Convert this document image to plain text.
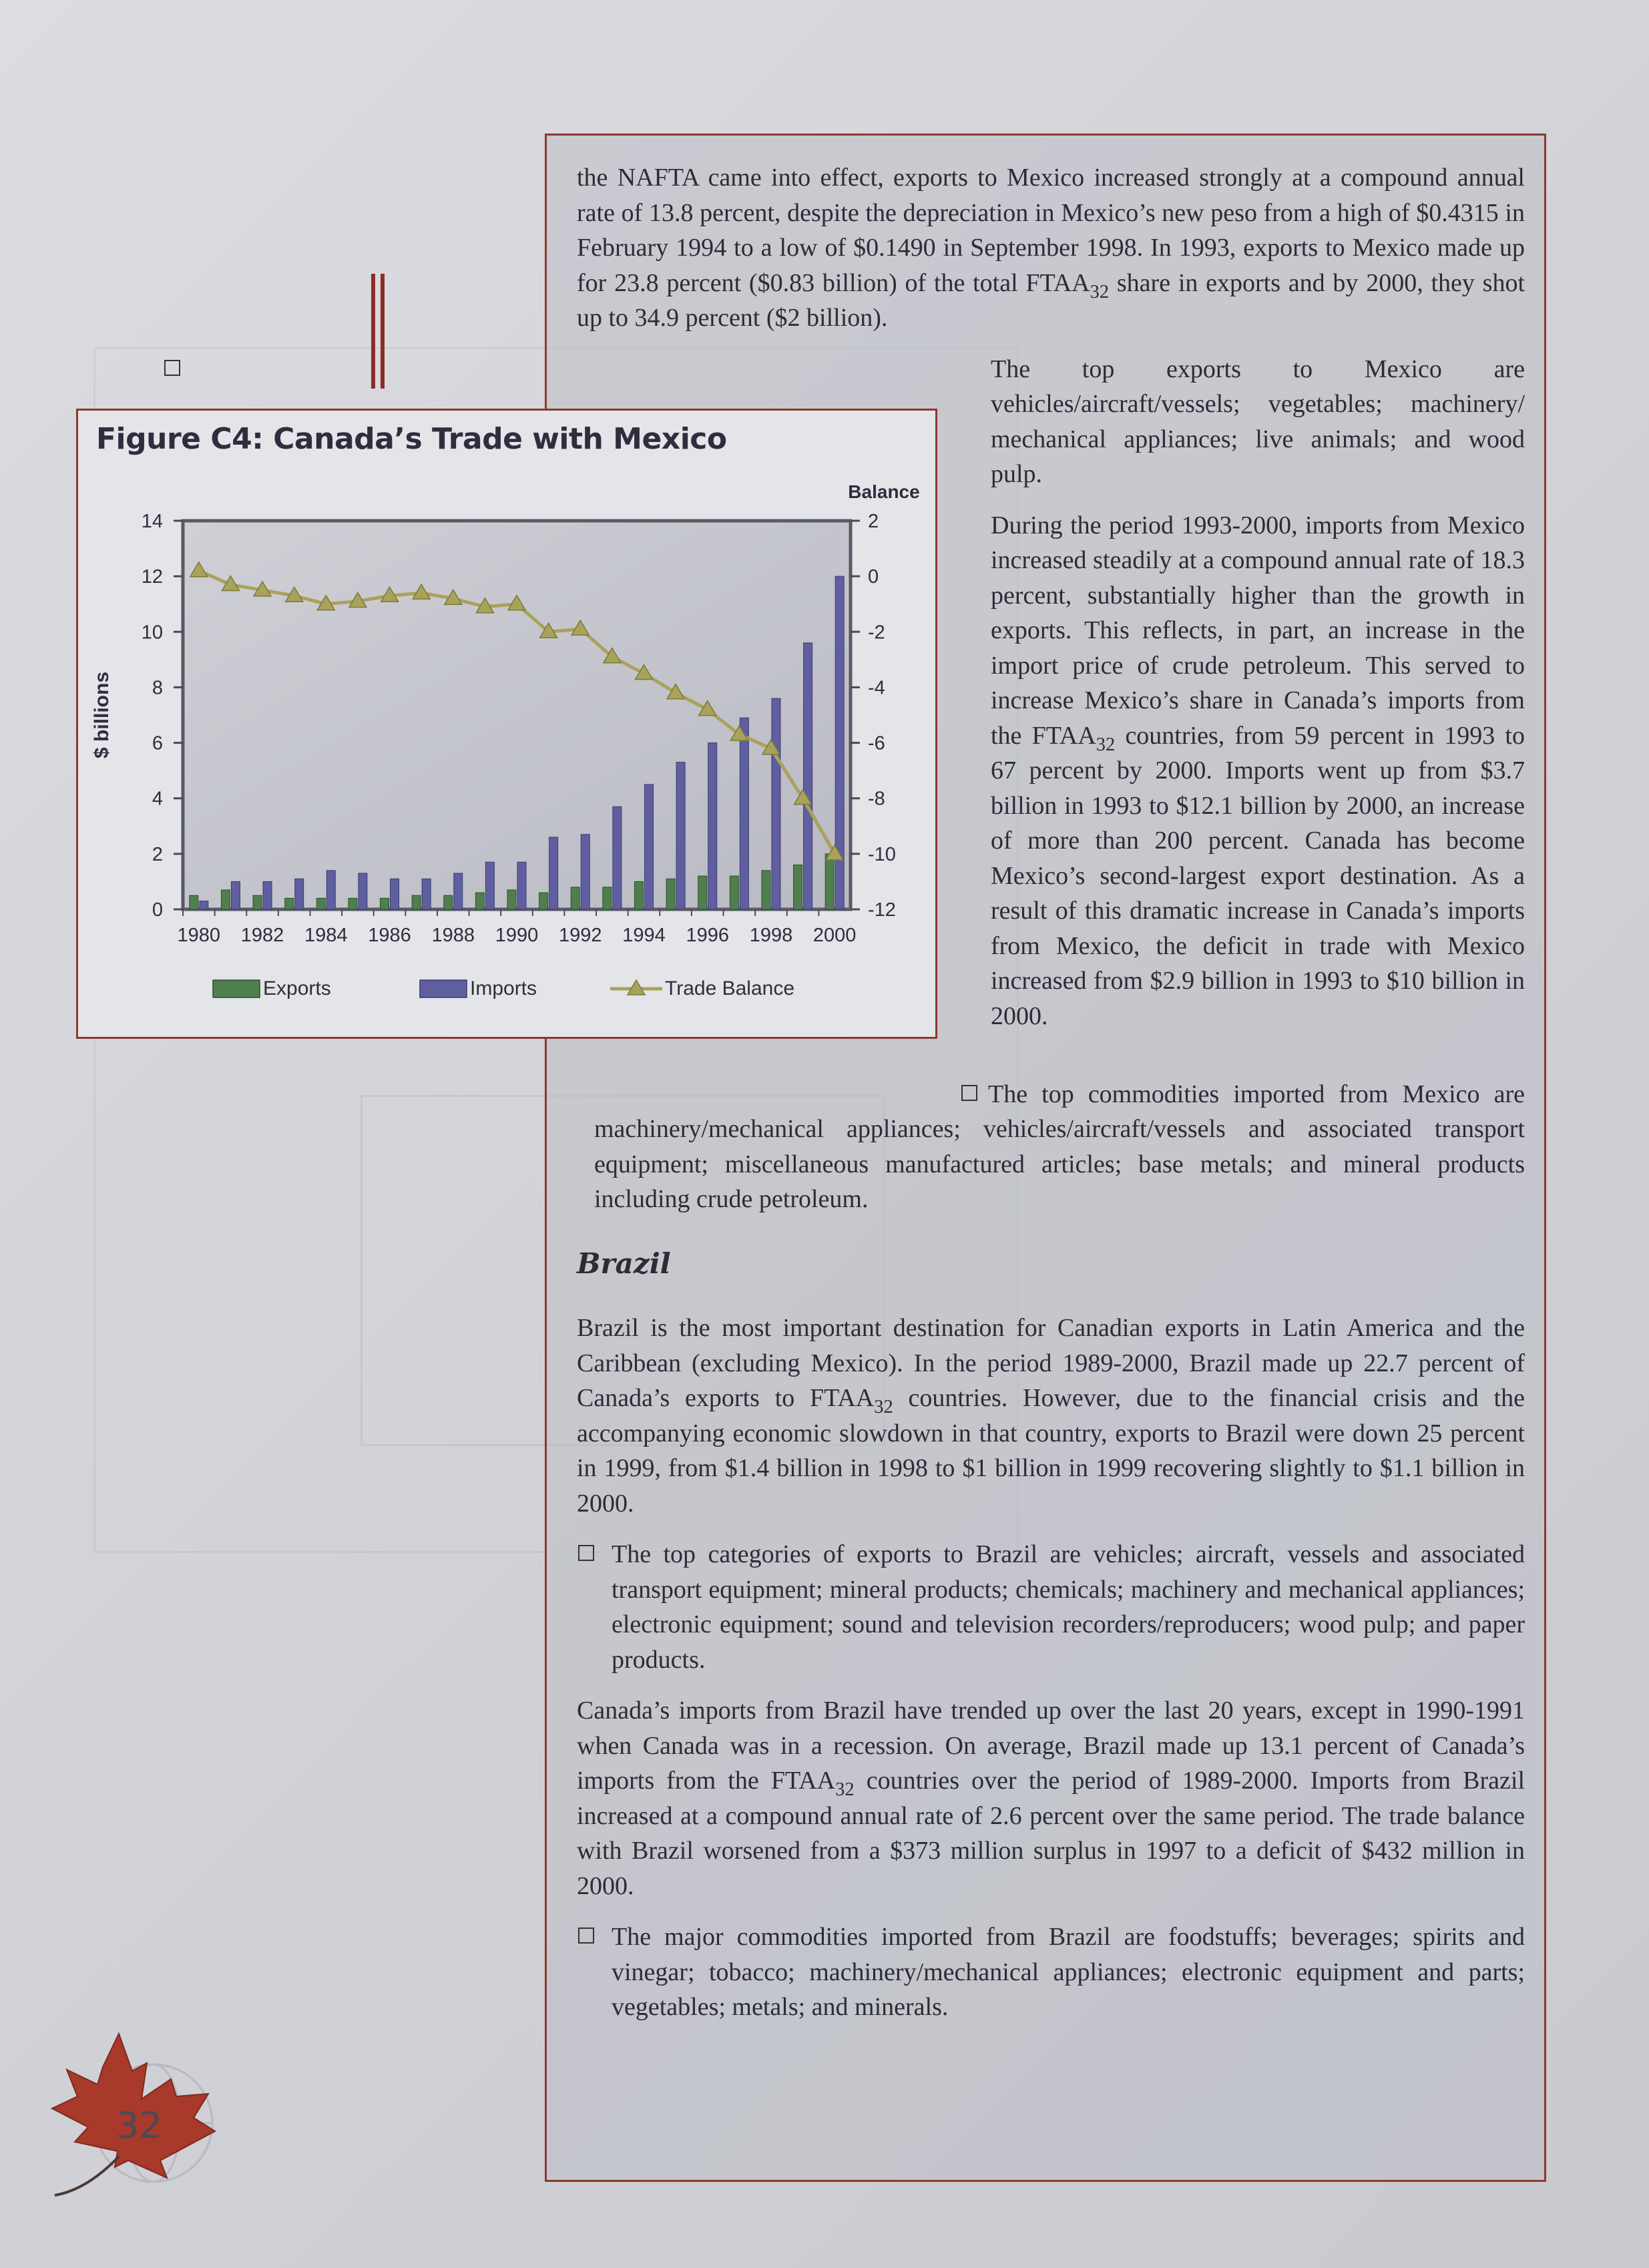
the NAFTA came into effect, exports to Mexico increased strongly at a compound annual rate of 13.8 percent, despite the depreciation in Mexico’s new peso from a high of $0.4315 in February 1994 to a low of $0.1490 in September 1998. In 1993, exports to Mexico made up for 23.8 percent ($0.83 billion) of the total $FTAA_{32}$ share in exports and by 2000, they shot up to 34.9 percent ($2 billion).

The top exports to Mexico are vehicles/aircraft/vessels; vegetables; machinery/ mechanical appliances; live animals; and wood pulp.

During the period 1993-2000, imports from Mexico increased steadily at a compound annual rate of 18.3 percent, substantially higher than the growth in exports. This reflects, in part, an increase in the import price of crude petroleum. This served to increase Mexico’s share in Canada’s imports from the $FTAA_{32}$ countries, from 59 percent in 1993 to 67 percent by 2000. Imports went up from $3.7 billion in 1993 to $12.1 billion by 2000, an increase of more than 200 percent. Canada has become Mexico’s second-largest export destination. As a result of this dramatic increase in Canada’s imports from Mexico, the deficit in trade with Mexico increased from $2.9 billion in 1993 to $10 billion in 2000.

The top commodities imported from Mexico are machinery/mechanical appliances; vehicles/aircraft/vessels and associated transport equipment; miscellaneous manufactured articles; base metals; and mineral products including crude petroleum.

Brazil

Brazil is the most important destination for Canadian exports in Latin America and the Caribbean (excluding Mexico). In the period 1989-2000, Brazil made up 22.7 percent of Canada’s exports to $FTAA_{32}$ countries. However, due to the financial crisis and the accompanying economic slowdown in that country, exports to Brazil were down 25 percent in 1999, from $1.4 billion in 1998 to $1 billion in 1999 recovering slightly to $1.1 billion in 2000.

The top categories of exports to Brazil are vehicles; aircraft, vessels and associated transport equipment; mineral products; chemicals; machinery and mechanical appliances; electronic equipment; sound and television recorders/reproducers; wood pulp; and paper products.

Canada’s imports from Brazil have trended up over the last 20 years, except in 1990-1991 when Canada was in a recession. On average, Brazil made up 13.1 percent of Canada’s imports from the $FTAA_{32}$ countries over the period of 1989-2000. Imports from Brazil increased at a compound annual rate of 2.6 percent over the same period. The trade balance with Brazil worsened from a $373 million surplus in 1997 to a deficit of $432 million in 2000.

The major commodities imported from Brazil are foodstuffs; beverages; spirits and vinegar; tobacco; machinery/mechanical appliances; electronic equipment and parts; vegetables; metals; and minerals.
Figure C4: Canada’s Trade with Mexico
0
2
4
6
8
10
12
14	2
0
-2
-4
-6
-8
-10
-12
1980 1982 1984 1986 1988 1990 1992 1994 1996 1998 2000
$ billions
Balance
Exports	Imports	Trade Balance
32
